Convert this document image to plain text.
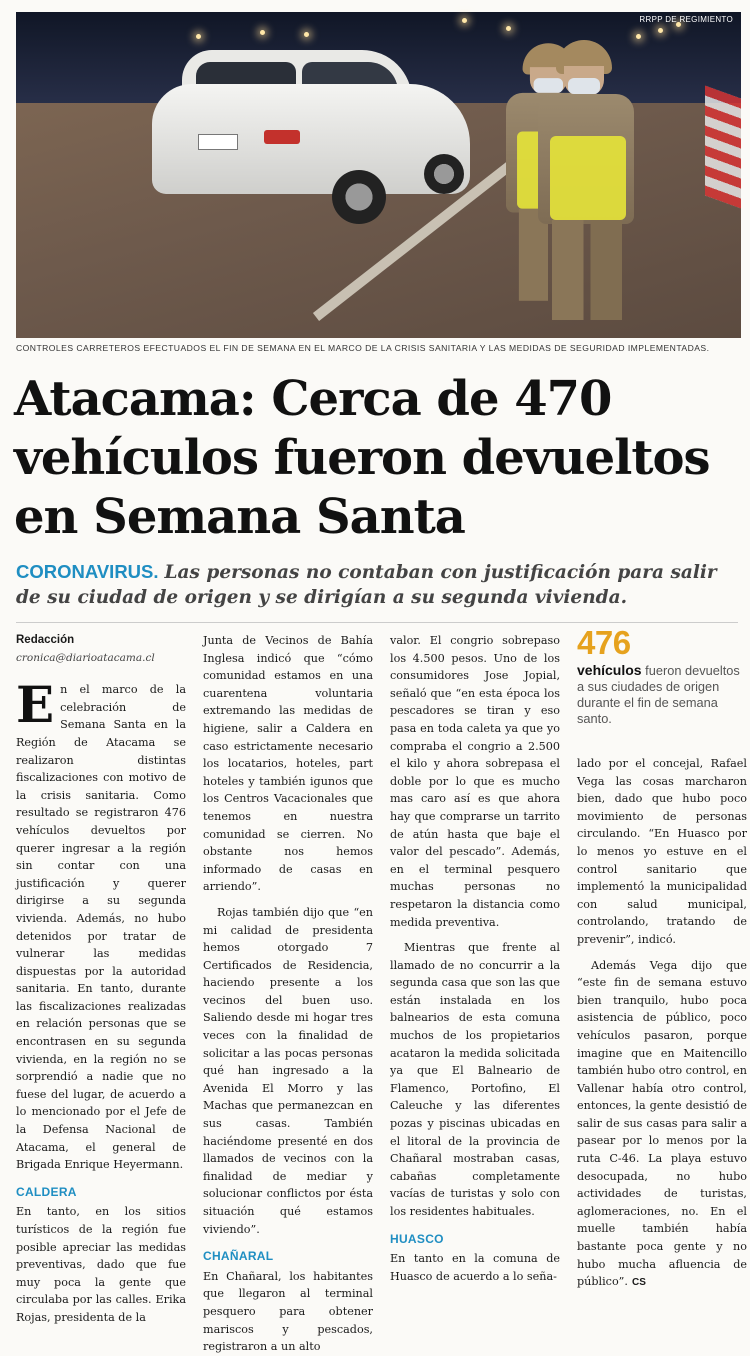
RRPP DE REGIMIENTO
CONTROLES CARRETEROS EFECTUADOS EL FIN DE SEMANA EN EL MARCO DE LA CRISIS SANITARIA Y LAS MEDIDAS DE SEGURIDAD IMPLEMENTADAS.
Atacama: Cerca de 470 vehículos fueron devueltos en Semana Santa
CORONAVIRUS. Las personas no contaban con justificación para salir de su ciudad de origen y se dirigían a su segunda vivienda.
Redacción
cronica@diarioatacama.cl

En el marco de la celebración de Semana Santa en la Región de Atacama se realizaron distintas fiscalizaciones con motivo de la crisis sanitaria. Como resultado se registraron 476 vehículos devueltos por querer ingresar a la región sin contar con una justificación y querer dirigirse a su segunda vivienda. Además, no hubo detenidos por tratar de vulnerar las medidas dispuestas por la autoridad sanitaria. En tanto, durante las fiscalizaciones realizadas en relación personas que se encontrasen en su segunda vivienda, en la región no se sorprendió a nadie que no fuese del lugar, de acuerdo a lo mencionado por el Jefe de la Defensa Nacional de Atacama, el general de Brigada Enrique Heyermann.

CALDERA

En tanto, en los sitios turísticos de la región fue posible apreciar las medidas preventivas, dado que fue muy poca la gente que circulaba por las calles. Erika Rojas, presidenta de la

Junta de Vecinos de Bahía Inglesa indicó que “cómo comunidad estamos en una cuarentena voluntaria extremando las medidas de higiene, salir a Caldera en caso estrictamente necesario los locatarios, hoteles, part hoteles y también igunos que los Centros Vacacionales que tenemos en nuestra comunidad se cierren. No obstante nos hemos informado de casas en arriendo”.

Rojas también dijo que “en mi calidad de presidenta hemos otorgado 7 Certificados de Residencia, haciendo presente a los vecinos del buen uso. Saliendo desde mi hogar tres veces con la finalidad de solicitar a las pocas personas qué han ingresado a la Avenida El Morro y las Machas que permanezcan en sus casas. También haciéndome presenté en dos llamados de vecinos con la finalidad de mediar y solucionar conflictos por ésta situación qué estamos viviendo”.

CHAÑARAL

En Chañaral, los habitantes que llegaron al terminal pesquero para obtener mariscos y pescados, registraron a un alto

valor. El congrio sobrepaso los 4.500 pesos. Uno de los consumidores Jose Jopial, señaló que “en esta época los pescadores se tiran y eso pasa en toda caleta ya que yo compraba el congrio a 2.500 el kilo y ahora sobrepasa el doble por lo que es mucho mas caro así es que ahora hay que comprarse un tarrito de atún hasta que baje el valor del pescado”. Además, en el terminal pesquero muchas personas no respetaron la distancia como medida preventiva.

Mientras que frente al llamado de no concurrir a la segunda casa que son las que están instalada en los balnearios de esta comuna muchos de los propietarios acataron la medida solicitada ya que El Balneario de Flamenco, Portofino, El Caleuche y las diferentes pozas y piscinas ubicadas en el litoral de la provincia de Chañaral mostraban casas, cabañas completamente vacías de turistas y solo con los residentes habituales.

HUASCO

En tanto en la comuna de Huasco de acuerdo a lo seña-

476
vehículos fueron devueltos a sus ciudades de origen durante el fin de semana santo.

lado por el concejal, Rafael Vega las cosas marcharon bien, dado que hubo poco movimiento de personas circulando. “En Huasco por lo menos yo estuve en el control sanitario que implementó la municipalidad con salud municipal, controlando, tratando de prevenir”, indicó.

Además Vega dijo que “este fin de semana estuvo bien tranquilo, hubo poca asistencia de público, poco vehículos pasaron, porque imagine que en Maitencillo también hubo otro control, en Vallenar había otro control, entonces, la gente desistió de salir de sus casas para salir a pasear por lo menos por la ruta C-46. La playa estuvo desocupada, no hubo actividades de turistas, aglomeraciones, no. En el muelle también había bastante poca gente y no hubo mucha afluencia de público”. CS
